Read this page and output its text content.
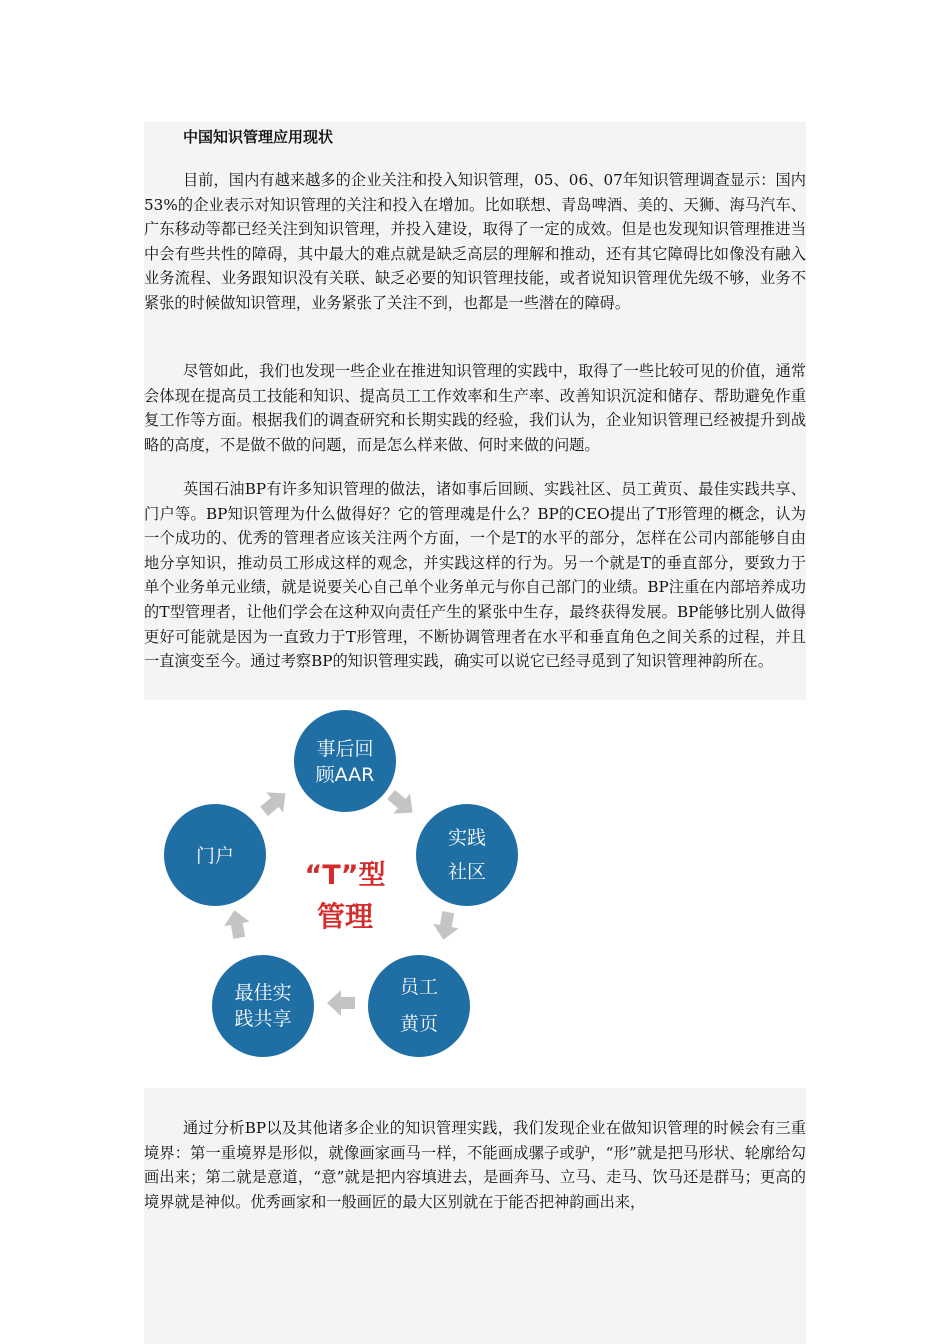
中国知识管理应用现状

目前，国内有越来越多的企业关注和投入知识管理，05、06、07年知识管理调查显示：国内53%的企业表示对知识管理的关注和投入在增加。比如联想、青岛啤酒、美的、天狮、海马汽车、广东移动等都已经关注到知识管理，并投入建设，取得了一定的成效。但是也发现知识管理推进当中会有些共性的障碍，其中最大的难点就是缺乏高层的理解和推动，还有其它障碍比如像没有融入业务流程、业务跟知识没有关联、缺乏必要的知识管理技能，或者说知识管理优先级不够，业务不紧张的时候做知识管理，业务紧张了关注不到，也都是一些潜在的障碍。

尽管如此，我们也发现一些企业在推进知识管理的实践中，取得了一些比较可见的价值，通常会体现在提高员工技能和知识、提高员工工作效率和生产率、改善知识沉淀和储存、帮助避免作重复工作等方面。根据我们的调查研究和长期实践的经验，我们认为，企业知识管理已经被提升到战略的高度，不是做不做的问题，而是怎么样来做、何时来做的问题。

英国石油BP有许多知识管理的做法，诸如事后回顾、实践社区、员工黄页、最佳实践共享、门户等。BP知识管理为什么做得好？它的管理魂是什么？BP的CEO提出了T形管理的概念，认为一个成功的、优秀的管理者应该关注两个方面，一个是T的水平的部分，怎样在公司内部能够自由地分享知识，推动员工形成这样的观念，并实践这样的行为。另一个就是T的垂直部分，要致力于单个业务单元业绩，就是说要关心自己单个业务单元与你自己部门的业绩。BP注重在内部培养成功的T型管理者，让他们学会在这种双向责任产生的紧张中生存，最终获得发展。BP能够比别人做得更好可能就是因为一直致力于T形管理，不断协调管理者在水平和垂直角色之间关系的过程，并且一直演变至今。通过考察BP的知识管理实践，确实可以说它已经寻觅到了知识管理神韵所在。

事后回
顾AAR
实践
社区
员工
黄页
最佳实
践共享
门户
“T”型
管理

通过分析BP以及其他诸多企业的知识管理实践，我们发现企业在做知识管理的时候会有三重境界：第一重境界是形似，就像画家画马一样，不能画成骡子或驴，“形”就是把马形状、轮廓给勾画出来；第二就是意道，“意”就是把内容填进去，是画奔马、立马、走马、饮马还是群马；更高的境界就是神似。优秀画家和一般画匠的最大区别就在于能否把神韵画出来，
